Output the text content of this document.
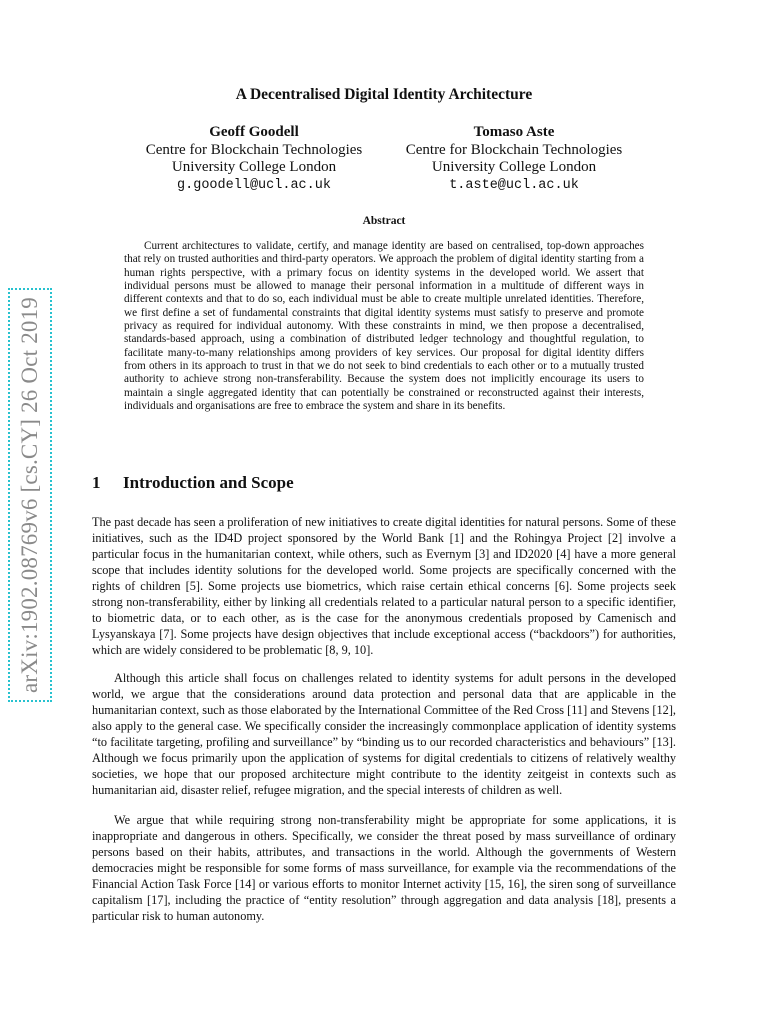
arXiv:1902.08769v6 [cs.CY] 26 Oct 2019
A Decentralised Digital Identity Architecture
Geoff Goodell
Centre for Blockchain Technologies
University College London
g.goodell@ucl.ac.uk
Tomaso Aste
Centre for Blockchain Technologies
University College London
t.aste@ucl.ac.uk
Abstract

Current architectures to validate, certify, and manage identity are based on centralised, top-down approaches that rely on trusted authorities and third-party operators. We approach the problem of digital identity starting from a human rights perspective, with a primary focus on identity systems in the developed world. We assert that individual persons must be allowed to manage their personal information in a multitude of different ways in different contexts and that to do so, each individual must be able to create multiple unrelated identities. Therefore, we first define a set of fundamental constraints that digital identity systems must satisfy to preserve and promote privacy as required for individual autonomy. With these constraints in mind, we then propose a decentralised, standards-based approach, using a combination of distributed ledger technology and thoughtful regulation, to facilitate many-to-many relationships among providers of key services. Our proposal for digital identity differs from others in its approach to trust in that we do not seek to bind credentials to each other or to a mutually trusted authority to achieve strong non-transferability. Because the system does not implicitly encourage its users to maintain a single aggregated identity that can potentially be constrained or reconstructed against their interests, individuals and organisations are free to embrace the system and share in its benefits.

1 Introduction and Scope

The past decade has seen a proliferation of new initiatives to create digital identities for natural persons. Some of these initiatives, such as the ID4D project sponsored by the World Bank [1] and the Rohingya Project [2] involve a particular focus in the humanitarian context, while others, such as Evernym [3] and ID2020 [4] have a more general scope that includes identity solutions for the developed world. Some projects are specifically concerned with the rights of children [5]. Some projects use biometrics, which raise certain ethical concerns [6]. Some projects seek strong non-transferability, either by linking all credentials related to a particular natural person to a specific identifier, to biometric data, or to each other, as is the case for the anonymous credentials proposed by Camenisch and Lysyanskaya [7]. Some projects have design objectives that include exceptional access (“backdoors”) for authorities, which are widely considered to be problematic [8, 9, 10].

Although this article shall focus on challenges related to identity systems for adult persons in the developed world, we argue that the considerations around data protection and personal data that are applicable in the humanitarian context, such as those elaborated by the International Committee of the Red Cross [11] and Stevens [12], also apply to the general case. We specifically consider the increasingly commonplace application of identity systems “to facilitate targeting, profiling and surveillance” by “binding us to our recorded characteristics and behaviours” [13]. Although we focus primarily upon the application of systems for digital credentials to citizens of relatively wealthy societies, we hope that our proposed architecture might contribute to the identity zeitgeist in contexts such as humanitarian aid, disaster relief, refugee migration, and the special interests of children as well.

We argue that while requiring strong non-transferability might be appropriate for some applications, it is inappropriate and dangerous in others. Specifically, we consider the threat posed by mass surveillance of ordinary persons based on their habits, attributes, and transactions in the world. Although the governments of Western democracies might be responsible for some forms of mass surveillance, for example via the recommendations of the Financial Action Task Force [14] or various efforts to monitor Internet activity [15, 16], the siren song of surveillance capitalism [17], including the practice of “entity resolution” through aggregation and data analysis [18], presents a particular risk to human autonomy.
